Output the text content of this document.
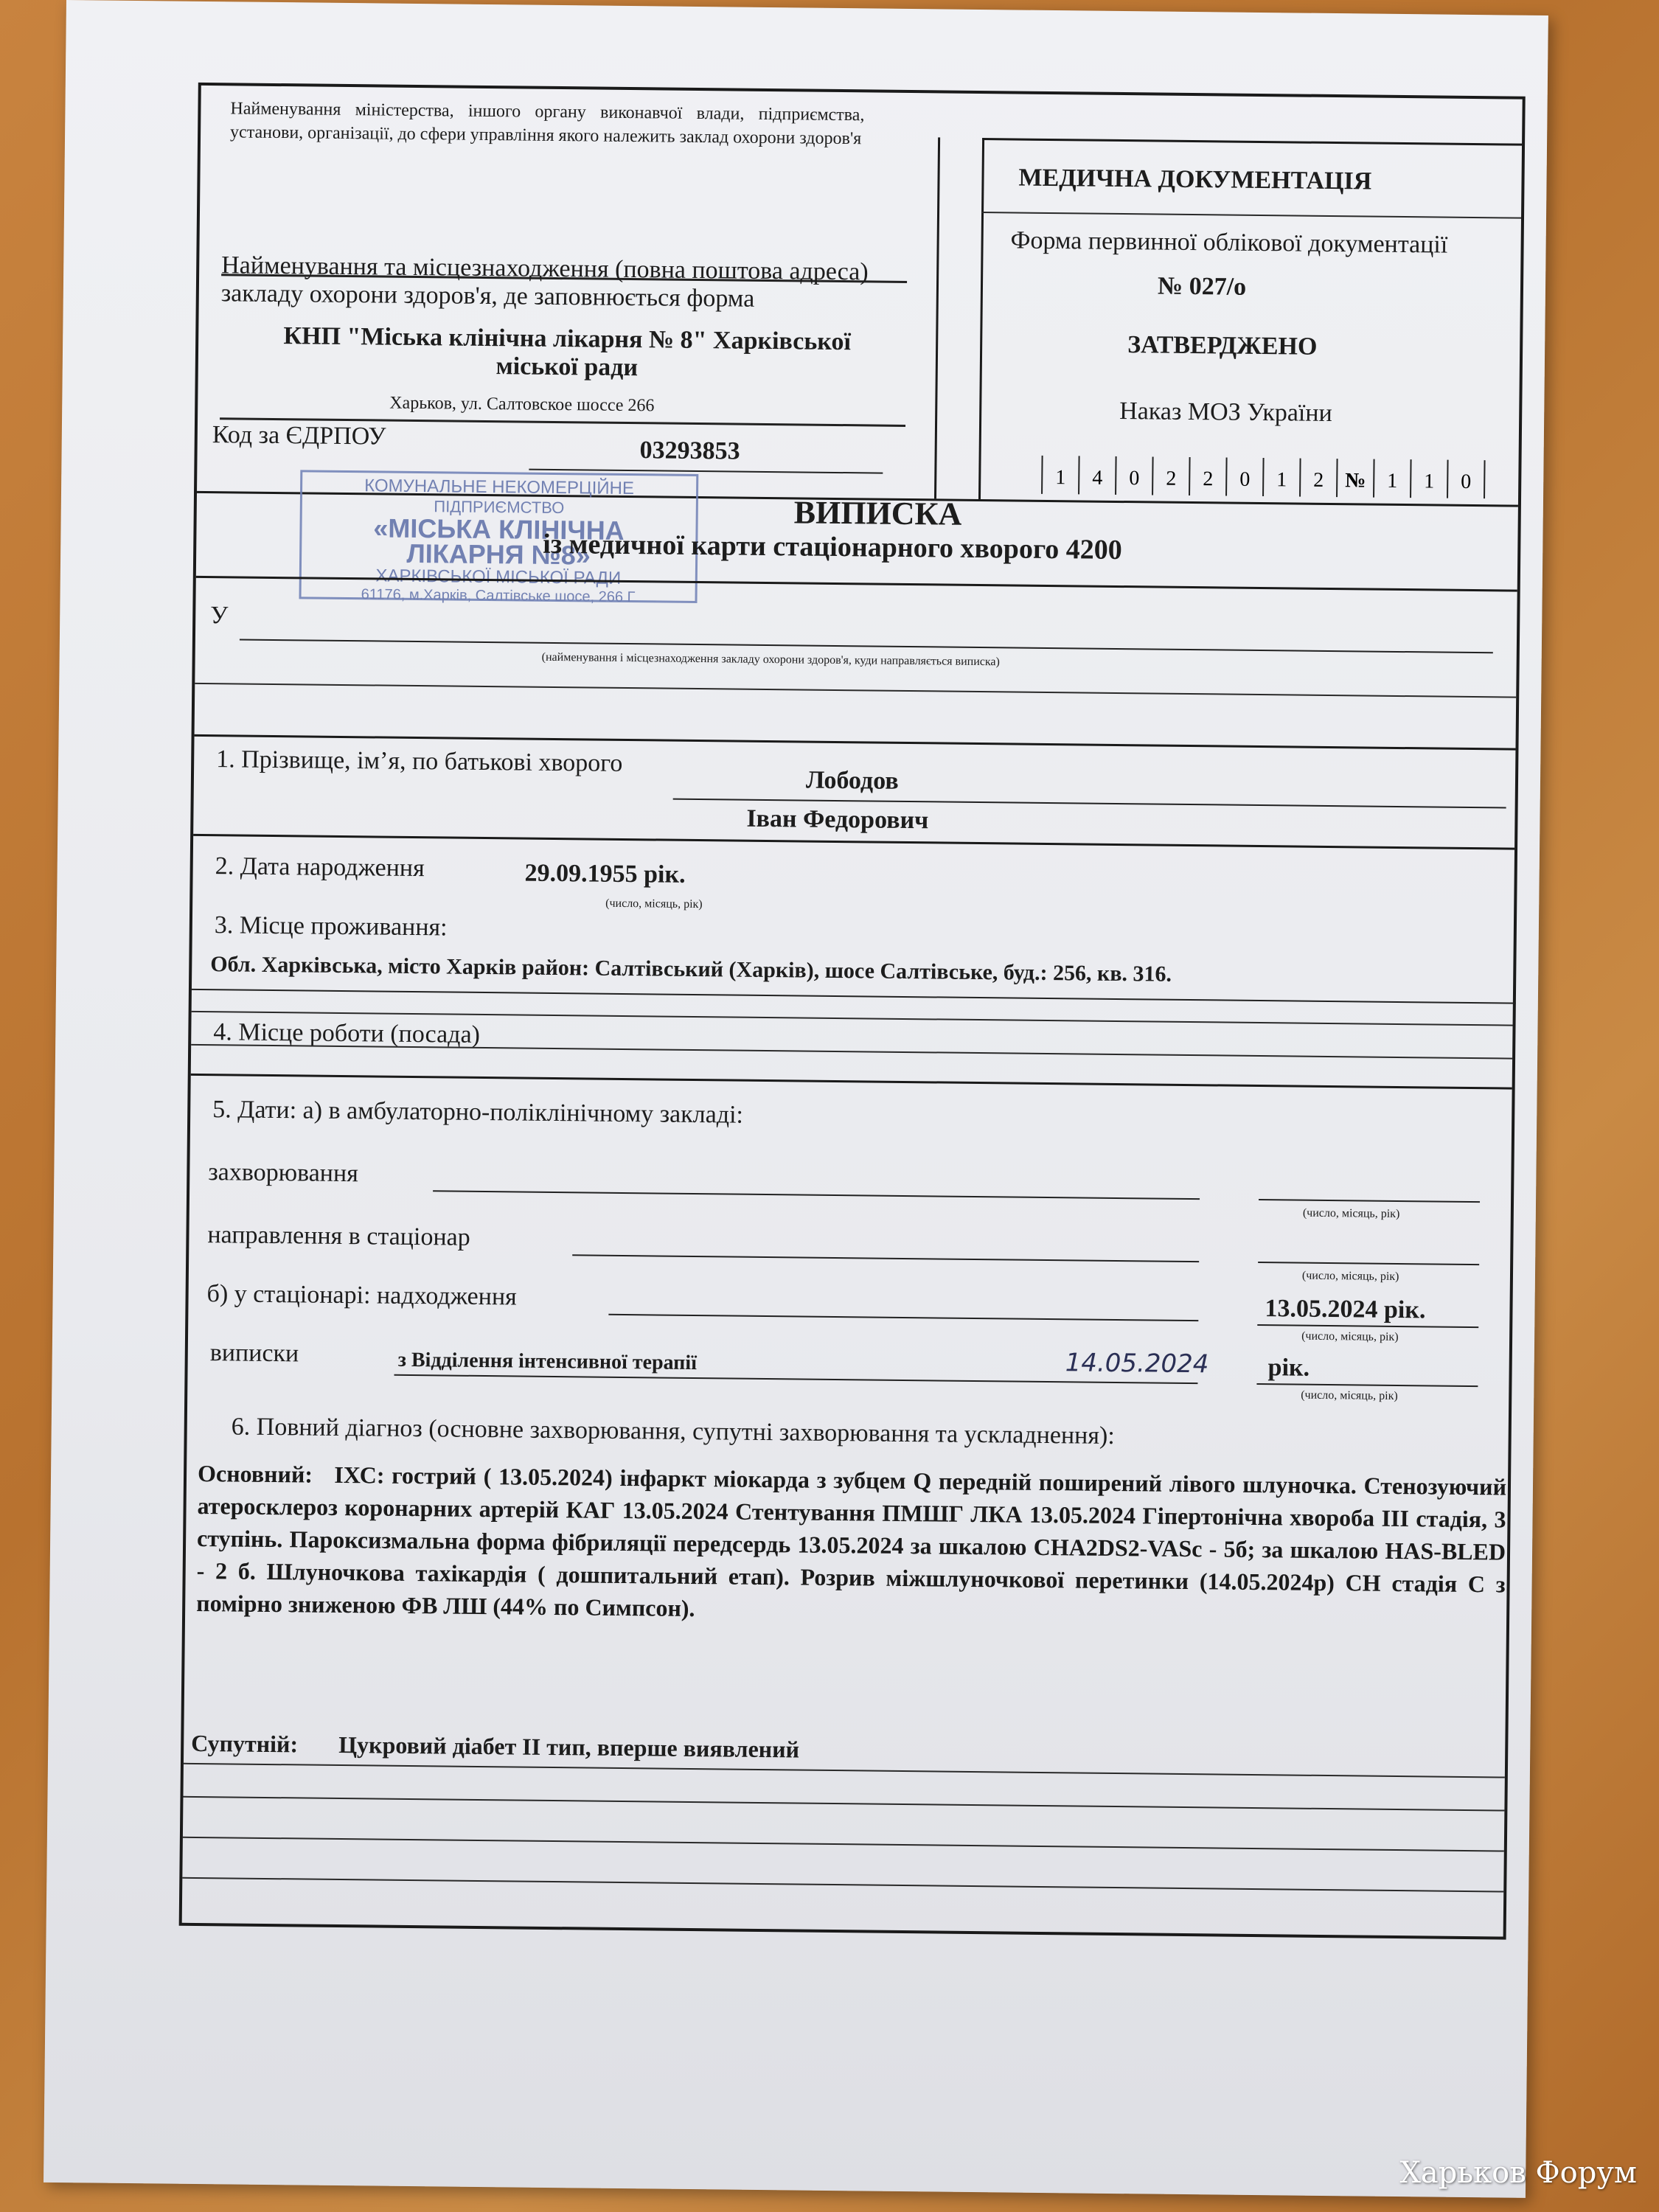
Найменування міністерства, іншого органу виконавчої влади, підприємства, установи, організації, до сфери управління якого належить заклад охорони здоров'я
МЕДИЧНА ДОКУМЕНТАЦІЯ
Форма первинної облікової документації
№ 027/о
ЗАТВЕРДЖЕНО
Наказ МОЗ України
1	4	0	2	2	0	1	2	№	1	1	0
Найменування та місцезнаходження (повна поштова адреса) закладу охорони здоров'я, де заповнюється форма
КНП "Міська клінічна лікарня № 8" Харківської міської ради
Харьков, ул. Салтовское шоссе 266
Код за ЄДРПОУ
03293853
КОМУНАЛЬНЕ НЕКОМЕРЦІЙНЕ
ПІДПРИЄМСТВО
«МІСЬКА КЛІНІЧНА
ЛІКАРНЯ №8»
ХАРКІВСЬКОЇ МІСЬКОЇ РАДИ
61176, м.Харків, Салтівське шосе, 266 Г
ВИПИСКА
із медичної карти стаціонарного хворого 4200
У
(найменування і місцезнаходження закладу охорони здоров'я, куди направляється виписка)
1. Прізвище, ім’я, по батькові хворого
Лободов
Іван Федорович
2. Дата народження	29.09.1955 рік.
(число, місяць, рік)
3. Місце проживання:
Обл. Харківська, місто Харків район: Салтівський (Харків), шосе Салтівське, буд.: 256, кв. 316.
4. Місце роботи (посада)
5. Дати: а) в амбулаторно-поліклінічному закладі:
захворювання
(число, місяць, рік)
направлення в стаціонар
(число, місяць, рік)
б) у стаціонарі: надходження	13.05.2024 рік.
(число, місяць, рік)
виписки	з Відділення інтенсивної терапії	14.05.2024 рік.
(число, місяць, рік)
6. Повний діагноз (основне захворювання, супутні захворювання та ускладнення):
Основний: ІХС: гострий ( 13.05.2024) інфаркт міокарда з зубцем Q передній поширений лівого шлуночка. Стенозуючий атеросклероз коронарних артерій КАГ 13.05.2024 Стентування ПМШГ ЛКА 13.05.2024 Гіпертонічна хвороба III стадія, 3 ступінь. Пароксизмальна форма фібриляції передсердь 13.05.2024 за шкалою CHA2DS2-VASc - 5б; за шкалою HAS-BLED - 2 б. Шлуночкова тахікардія ( дошпитальний етап). Розрив міжшлуночкової перетинки (14.05.2024р) СН стадія С з помірно зниженою ФВ ЛШ (44% по Симпсон).
Супутній: Цукровий діабет II тип, вперше виявлений
Харьков Форум
